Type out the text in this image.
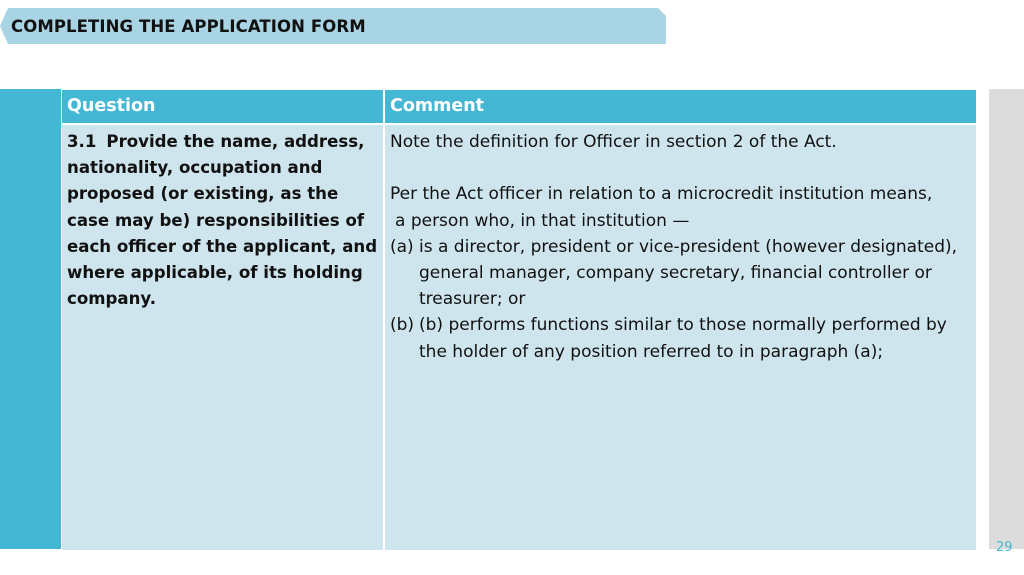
COMPLETING THE APPLICATION FORM
29
Question	Comment
3.1 Provide the name, address, nationality, occupation and proposed (or existing, as the case may be) responsibilities of each officer of the applicant, and where applicable, of its holding company.

Note the definition for Officer in section 2 of the Act.

Per the Act officer in relation to a microcredit institution means,

a person who, in that institution —

(a) is a director, president or vice-president (however designated), general manager, company secretary, financial controller or treasurer; or
(b) (b) performs functions similar to those normally performed by the holder of any position referred to in paragraph (a);
